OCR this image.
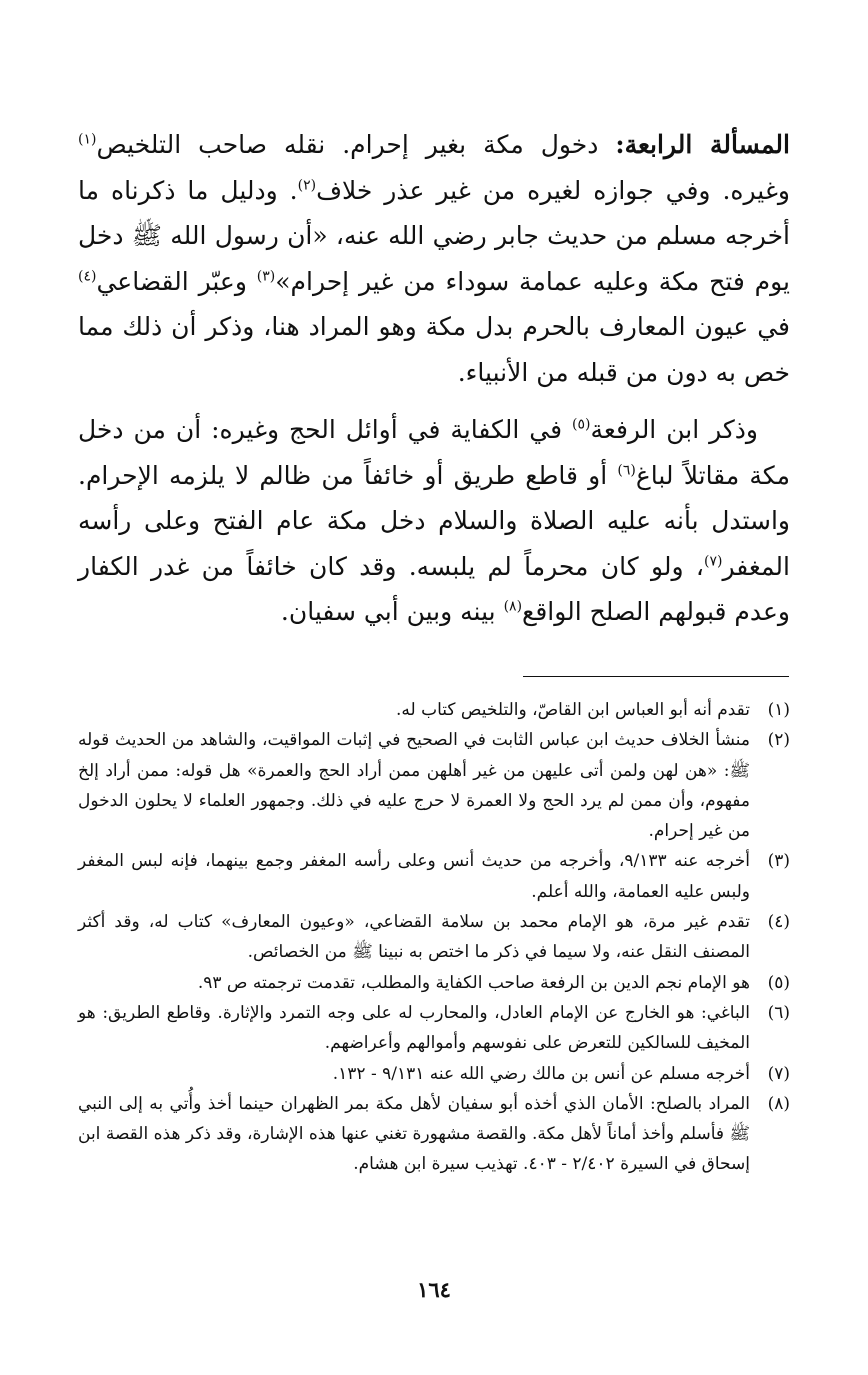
المسألة الرابعة: دخول مكة بغير إحرام. نقله صاحب التلخيص$^{(١)}$ وغيره. وفي جوازه لغيره من غير عذر خلاف$^{(٢)}$. ودليل ما ذكرناه ما أخرجه مسلم من حديث جابر رضي الله عنه، «أن رسول الله ﷺ دخل يوم فتح مكة وعليه عمامة سوداء من غير إحرام»$^{(٣)}$ وعبّر القضاعي$^{(٤)}$ في عيون المعارف بالحرم بدل مكة وهو المراد هنا، وذكر أن ذلك مما خص به دون من قبله من الأنبياء.

وذكر ابن الرفعة$^{(٥)}$ في الكفاية في أوائل الحج وغيره: أن من دخل مكة مقاتلاً لباغ$^{(٦)}$ أو قاطع طريق أو خائفاً من ظالم لا يلزمه الإحرام. واستدل بأنه عليه الصلاة والسلام دخل مكة عام الفتح وعلى رأسه المغفر$^{(٧)}$، ولو كان محرماً لم يلبسه. وقد كان خائفاً من غدر الكفار وعدم قبولهم الصلح الواقع$^{(٨)}$ بينه وبين أبي سفيان.

(١)
تقدم أنه أبو العباس ابن القاصّ، والتلخيص كتاب له.
(٢)
منشأ الخلاف حديث ابن عباس الثابت في الصحيح في إثبات المواقيت، والشاهد من الحديث قوله ﷺ: «هن لهن ولمن أتى عليهن من غير أهلهن ممن أراد الحج والعمرة» هل قوله: ممن أراد إلخ مفهوم، وأن ممن لم يرد الحج ولا العمرة لا حرج عليه في ذلك. وجمهور العلماء لا يحلون الدخول من غير إحرام.
(٣)
أخرجه عنه ٩/١٣٣، وأخرجه من حديث أنس وعلى رأسه المغفر وجمع بينهما، فإنه لبس المغفر ولبس عليه العمامة، والله أعلم.
(٤)
تقدم غير مرة، هو الإمام محمد بن سلامة القضاعي، «وعيون المعارف» كتاب له، وقد أكثر المصنف النقل عنه، ولا سيما في ذكر ما اختص به نبينا ﷺ من الخصائص.
(٥)
هو الإمام نجم الدين بن الرفعة صاحب الكفاية والمطلب، تقدمت ترجمته ص ٩٣.
(٦)
الباغي: هو الخارج عن الإمام العادل، والمحارب له على وجه التمرد والإثارة. وقاطع الطريق: هو المخيف للسالكين للتعرض على نفوسهم وأموالهم وأعراضهم.
(٧)
أخرجه مسلم عن أنس بن مالك رضي الله عنه ٩/١٣١ - ١٣٢.
(٨)
المراد بالصلح: الأمان الذي أخذه أبو سفيان لأهل مكة بمر الظهران حينما أخذ وأُتي به إلى النبي ﷺ فأسلم وأخذ أماناً لأهل مكة. والقصة مشهورة تغني عنها هذه الإشارة، وقد ذكر هذه القصة ابن إسحاق في السيرة ٢/٤٠٢ - ٤٠٣. تهذيب سيرة ابن هشام.
١٦٤
